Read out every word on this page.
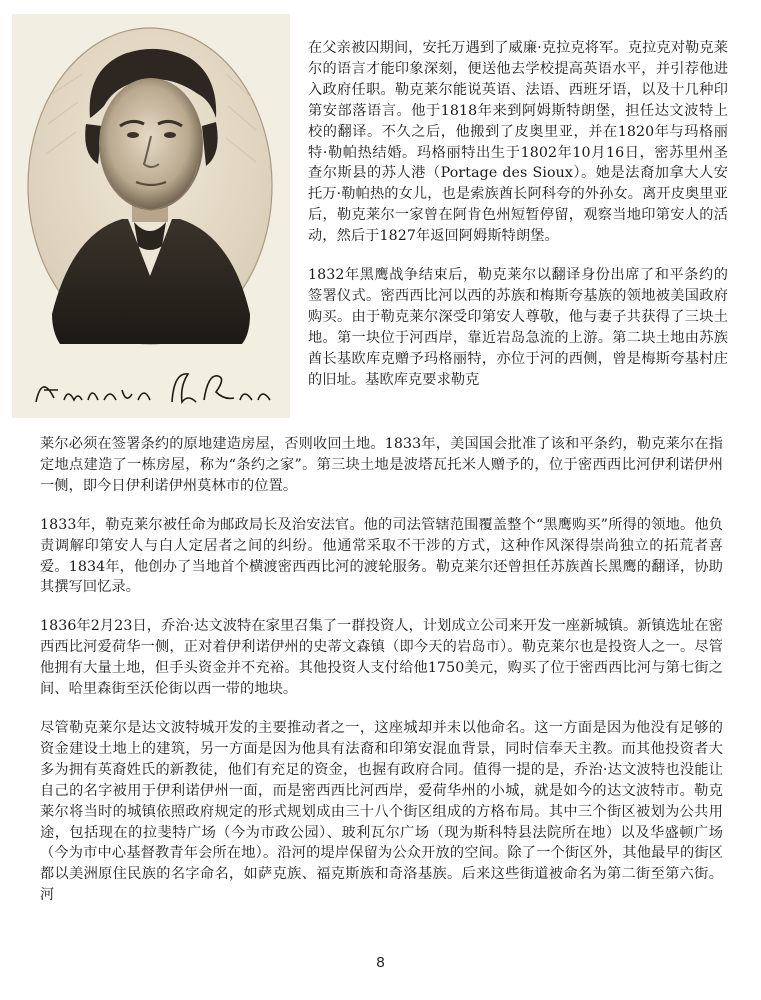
在父亲被囚期间，安托万遇到了威廉·克拉克将军。克拉克对勒克莱尔的语言才能印象深刻，便送他去学校提高英语水平，并引荐他进入政府任职。勒克莱尔能说英语、法语、西班牙语，以及十几种印第安部落语言。他于1818年来到阿姆斯特朗堡，担任达文波特上校的翻译。不久之后，他搬到了皮奥里亚，并在1820年与玛格丽特·勒帕热结婚。玛格丽特出生于1802年10月16日，密苏里州圣查尔斯县的苏人港（Portage des Sioux）。她是法裔加拿大人安托万·勒帕热的女儿，也是索族酋长阿科夸的外孙女。离开皮奥里亚后，勒克莱尔一家曾在阿肯色州短暂停留，观察当地印第安人的活动，然后于1827年返回阿姆斯特朗堡。

1832年黑鹰战争结束后，勒克莱尔以翻译身份出席了和平条约的签署仪式。密西西比河以西的苏族和梅斯夸基族的领地被美国政府购买。由于勒克莱尔深受印第安人尊敬，他与妻子共获得了三块土地。第一块位于河西岸，靠近岩岛急流的上游。第二块土地由苏族酋长基欧库克赠予玛格丽特，亦位于河的西侧，曾是梅斯夸基村庄的旧址。基欧库克要求勒克

莱尔必须在签署条约的原地建造房屋，否则收回土地。1833年，美国国会批准了该和平条约，勒克莱尔在指定地点建造了一栋房屋，称为“条约之家”。第三块土地是波塔瓦托米人赠予的，位于密西西比河伊利诺伊州一侧，即今日伊利诺伊州莫林市的位置。

1833年，勒克莱尔被任命为邮政局长及治安法官。他的司法管辖范围覆盖整个“黑鹰购买”所得的领地。他负责调解印第安人与白人定居者之间的纠纷。他通常采取不干涉的方式，这种作风深得崇尚独立的拓荒者喜爱。1834年，他创办了当地首个横渡密西西比河的渡轮服务。勒克莱尔还曾担任苏族酋长黑鹰的翻译，协助其撰写回忆录。

1836年2月23日，乔治·达文波特在家里召集了一群投资人，计划成立公司来开发一座新城镇。新镇选址在密西西比河爱荷华一侧，正对着伊利诺伊州的史蒂文森镇（即今天的岩岛市）。勒克莱尔也是投资人之一。尽管他拥有大量土地，但手头资金并不充裕。其他投资人支付给他1750美元，购买了位于密西西比河与第七街之间、哈里森街至沃伦街以西一带的地块。

尽管勒克莱尔是达文波特城开发的主要推动者之一，这座城却并未以他命名。这一方面是因为他没有足够的资金建设土地上的建筑，另一方面是因为他具有法裔和印第安混血背景，同时信奉天主教。而其他投资者大多为拥有英裔姓氏的新教徒，他们有充足的资金，也握有政府合同。值得一提的是，乔治·达文波特也没能让自己的名字被用于伊利诺伊州一面，而是密西西比河西岸，爱荷华州的小城，就是如今的达文波特市。勒克莱尔将当时的城镇依照政府规定的形式规划成由三十八个街区组成的方格布局。其中三个街区被划为公共用途，包括现在的拉斐特广场（今为市政公园）、玻利瓦尔广场（现为斯科特县法院所在地）以及华盛顿广场（今为市中心基督教青年会所在地）。沿河的堤岸保留为公众开放的空间。除了一个街区外，其他最早的街区都以美洲原住民族的名字命名，如萨克族、福克斯族和奇洛基族。后来这些街道被命名为第二街至第六街。河

8
